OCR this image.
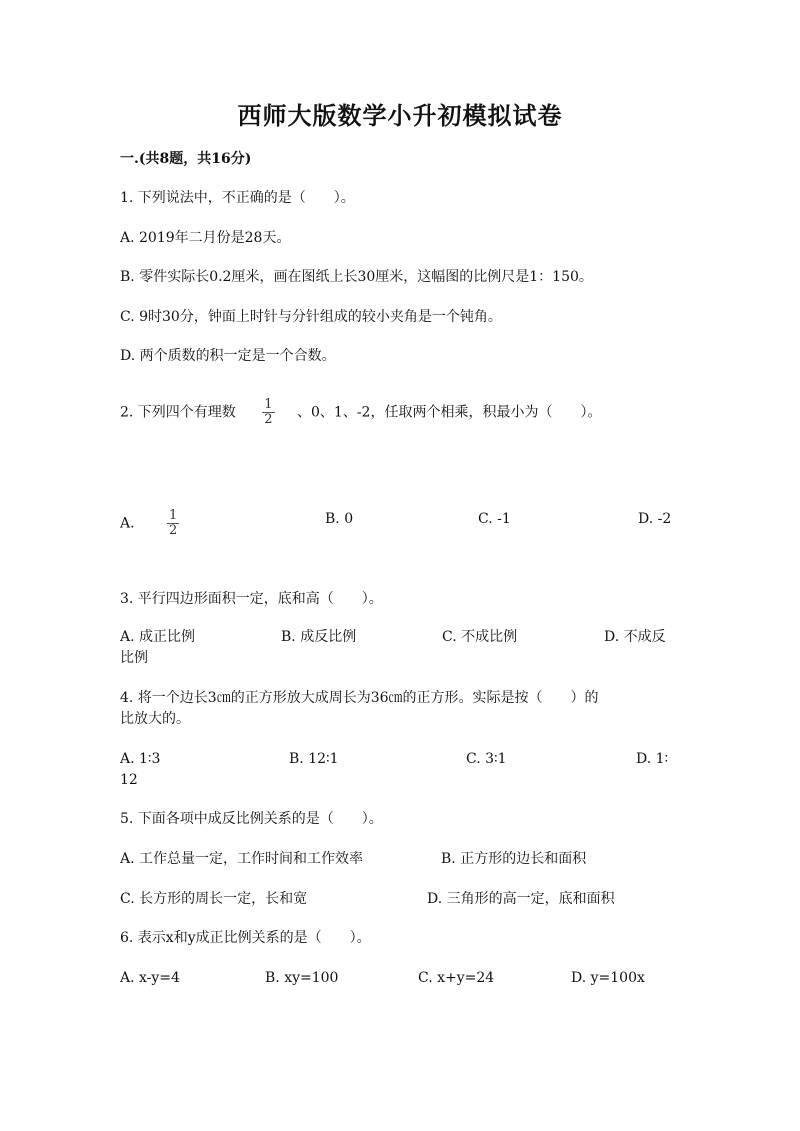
西师大版数学小升初模拟试卷
一.(共8题，共16分)
1. 下列说法中，不正确的是（　　）。
A. 2019年二月份是28天。
B. 零件实际长0.2厘米，画在图纸上长30厘米，这幅图的比例尺是1：150。
C. 9时30分，钟面上时针与分针组成的较小夹角是一个钝角。
D. 两个质数的积一定是一个合数。
2. 下列四个有理数 $\frac{1}{2}$ 、0、1、-2，任取两个相乘，积最小为（　　）。
A. $\frac{1}{2}$	B. 0	C. -1	D. -2
3. 平行四边形面积一定，底和高（　　）。
A. 成正比例	B. 成反比例	C. 不成比例	D. 不成反
比例
4. 将一个边长3㎝的正方形放大成周长为36㎝的正方形。实际是按（　　）的
比放大的。
A. 1∶3	B. 12∶1	C. 3∶1	D. 1∶
12
5. 下面各项中成反比例关系的是（　　）。
A. 工作总量一定，工作时间和工作效率	B. 正方形的边长和面积
C. 长方形的周长一定，长和宽	D. 三角形的高一定，底和面积
6. 表示x和y成正比例关系的是（　　）。
A. x-y=4	B. xy=100	C. x+y=24	D. y=100x
